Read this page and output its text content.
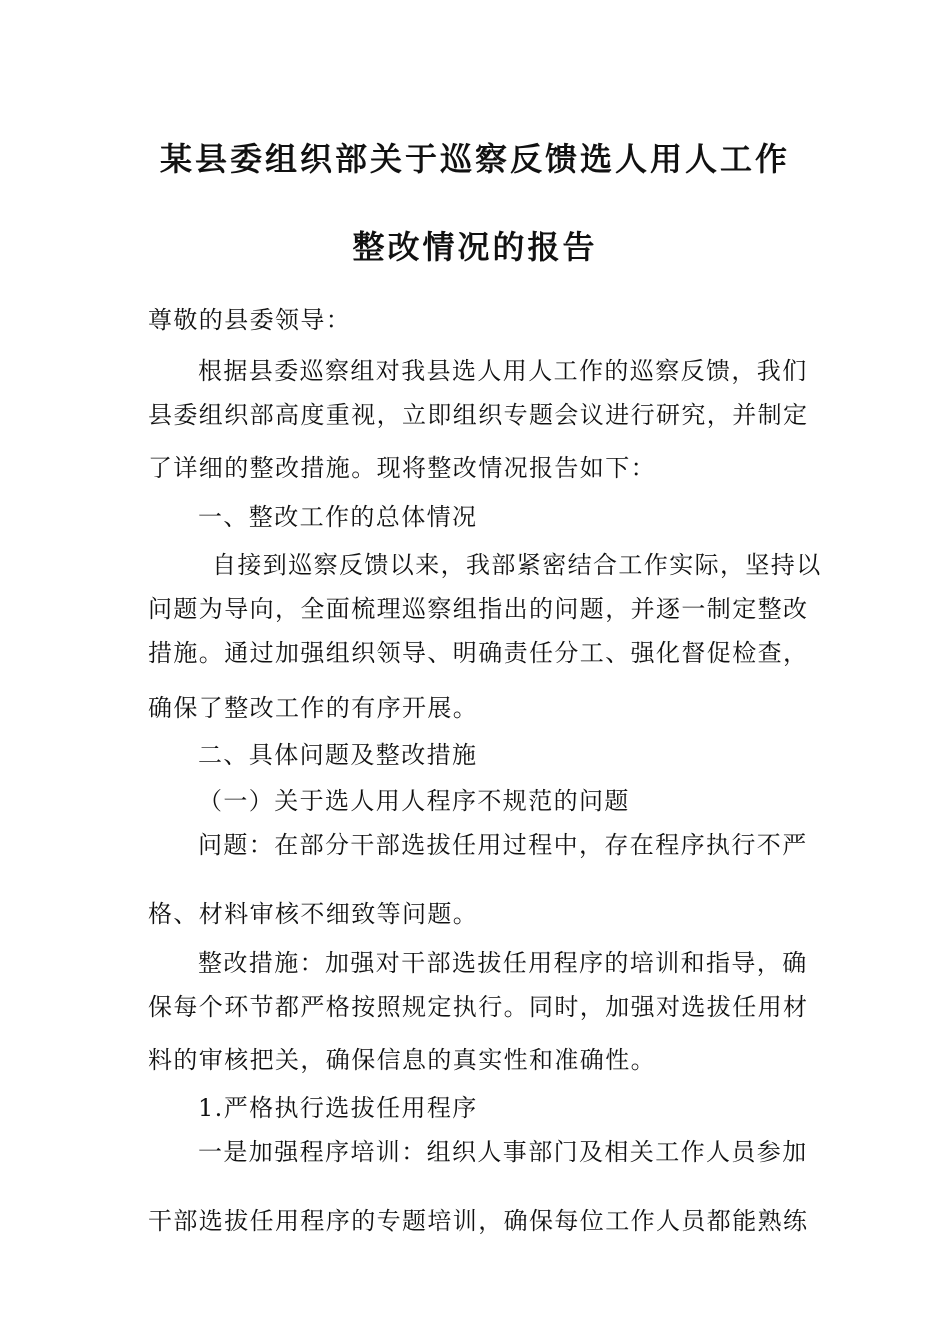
某县委组织部关于巡察反馈选人用人工作
整改情况的报告
尊敬的县委领导：
根据县委巡察组对我县选人用人工作的巡察反馈，我们
县委组织部高度重视，立即组织专题会议进行研究，并制定
了详细的整改措施。现将整改情况报告如下：
一、整改工作的总体情况
自接到巡察反馈以来，我部紧密结合工作实际，坚持以
问题为导向，全面梳理巡察组指出的问题，并逐一制定整改
措施。通过加强组织领导、明确责任分工、强化督促检查，
确保了整改工作的有序开展。
二、具体问题及整改措施
（一）关于选人用人程序不规范的问题
问题：在部分干部选拔任用过程中，存在程序执行不严
格、材料审核不细致等问题。
整改措施：加强对干部选拔任用程序的培训和指导，确
保每个环节都严格按照规定执行。同时，加强对选拔任用材
料的审核把关，确保信息的真实性和准确性。
1.严格执行选拔任用程序
一是加强程序培训：组织人事部门及相关工作人员参加
干部选拔任用程序的专题培训，确保每位工作人员都能熟练
